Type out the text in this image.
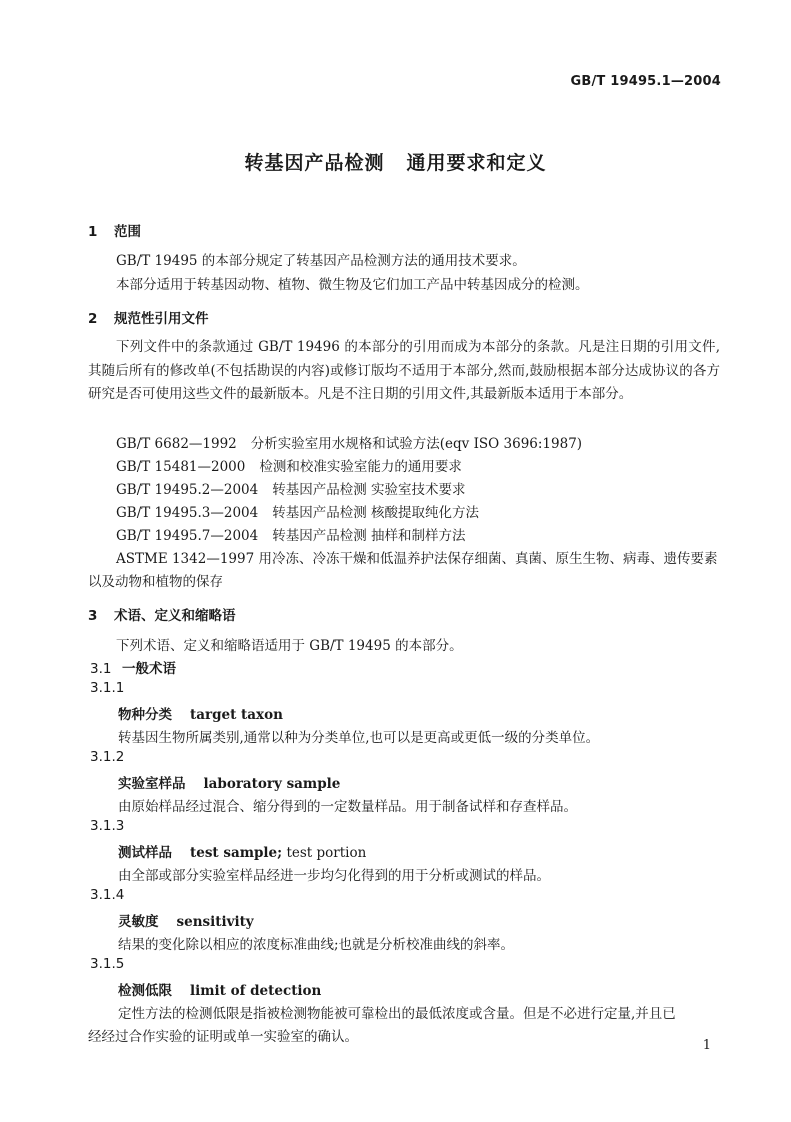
GB/T 19495.1—2004
转基因产品检测 通用要求和定义
1 范围
GB/T 19495 的本部分规定了转基因产品检测方法的通用技术要求。
本部分适用于转基因动物、植物、微生物及它们加工产品中转基因成分的检测。
2 规范性引用文件

下列文件中的条款通过 GB/T 19496 的本部分的引用而成为本部分的条款。凡是注日期的引用文件,其随后所有的修改单(不包括勘误的内容)或修订版均不适用于本部分,然而,鼓励根据本部分达成协议的各方研究是否可使用这些文件的最新版本。凡是不注日期的引用文件,其最新版本适用于本部分。

GB/T 6682—1992 分析实验室用水规格和试验方法(eqv ISO 3696:1987)
GB/T 15481—2000 检测和校准实验室能力的通用要求
GB/T 19495.2—2004 转基因产品检测 实验室技术要求
GB/T 19495.3—2004 转基因产品检测 核酸提取纯化方法
GB/T 19495.7—2004 转基因产品检测 抽样和制样方法
ASTME 1342—1997 用冷冻、冷冻干燥和低温养护法保存细菌、真菌、原生生物、病毒、遗传要素
以及动物和植物的保存
3 术语、定义和缩略语
下列术语、定义和缩略语适用于 GB/T 19495 的本部分。
3.1 一般术语
3.1.1
物种分类 target taxon
转基因生物所属类别,通常以种为分类单位,也可以是更高或更低一级的分类单位。
3.1.2
实验室样品 laboratory sample
由原始样品经过混合、缩分得到的一定数量样品。用于制备试样和存查样品。
3.1.3
测试样品 test sample; test portion
由全部或部分实验室样品经进一步均匀化得到的用于分析或测试的样品。
3.1.4
灵敏度 sensitivity
结果的变化除以相应的浓度标准曲线;也就是分析校准曲线的斜率。
3.1.5
检测低限 limit of detection
定性方法的检测低限是指被检测物能被可靠检出的最低浓度或含量。但是不必进行定量,并且已
经经过合作实验的证明或单一实验室的确认。
1
